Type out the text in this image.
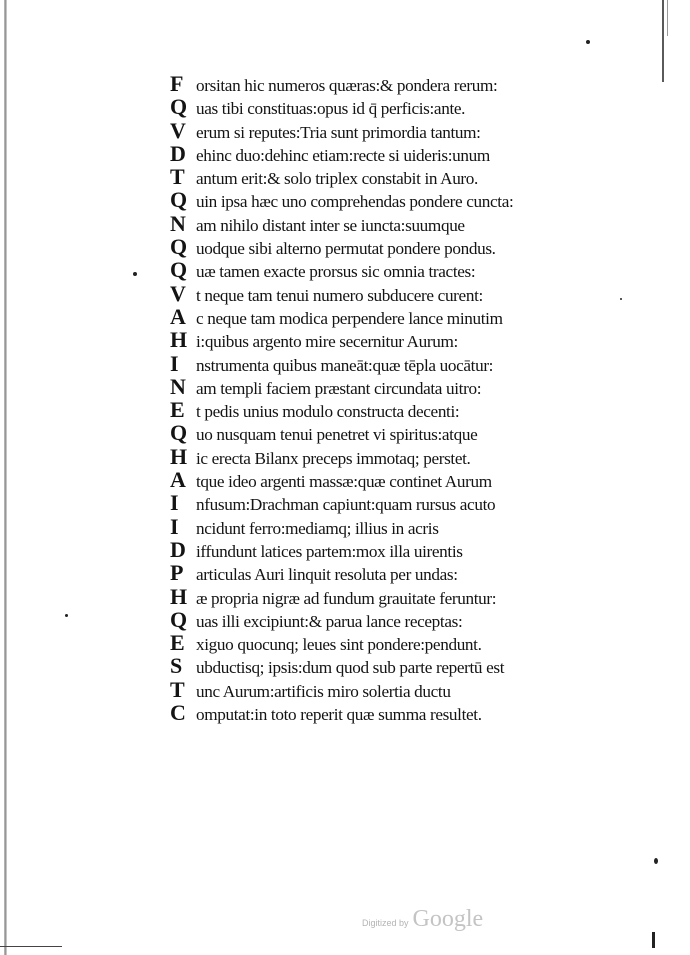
F orsitan hic numeros quæras:& pondera rerum:
Q uas tibi constituas:opus id q̄ perficis:ante.
V erum si reputes:Tria sunt primordia tantum:
D ehinc duo:dehinc etiam:recte si uideris:unum
T antum erit:& solo triplex constabit in Auro.
Q uin ipsa hæc uno comprehendas pondere cuncta:
N am nihilo distant inter se iuncta:suumque
Q uodque sibi alterno permutat pondere pondus.
Q uæ tamen exacte prorsus sic omnia tractes:
V t neque tam tenui numero subducere curent:
A c neque tam modica perpendere lance minutim
H i:quibus argento mire secernitur Aurum:
I	nstrumenta quibus maneāt:quæ tēpla uocātur:
N am templi faciem præstant circundata uitro:
E t pedis unius modulo constructa decenti:
Q uo nusquam tenui penetret vi spiritus:atque
H ic erecta Bilanx preceps immotaq; perstet.
A tque ideo argenti massæ:quæ continet Aurum
I	nfusum:Drachman capiunt:quam rursus acuto
I	ncidunt ferro:mediamq; illius in acris
D iffundunt latices partem:mox illa uirentis
P articulas Auri linquit resoluta per undas:
H æ propria nigræ ad fundum grauitate feruntur:
Q uas illi excipiunt:& parua lance receptas:
E xiguo quocunq; leues sint pondere:pendunt.
S ubductisq; ipsis:dum quod sub parte repertū est
T unc Aurum:artificis miro solertia ductu
C omputat:in toto reperit quæ summa resultet.
Digitized by Google
